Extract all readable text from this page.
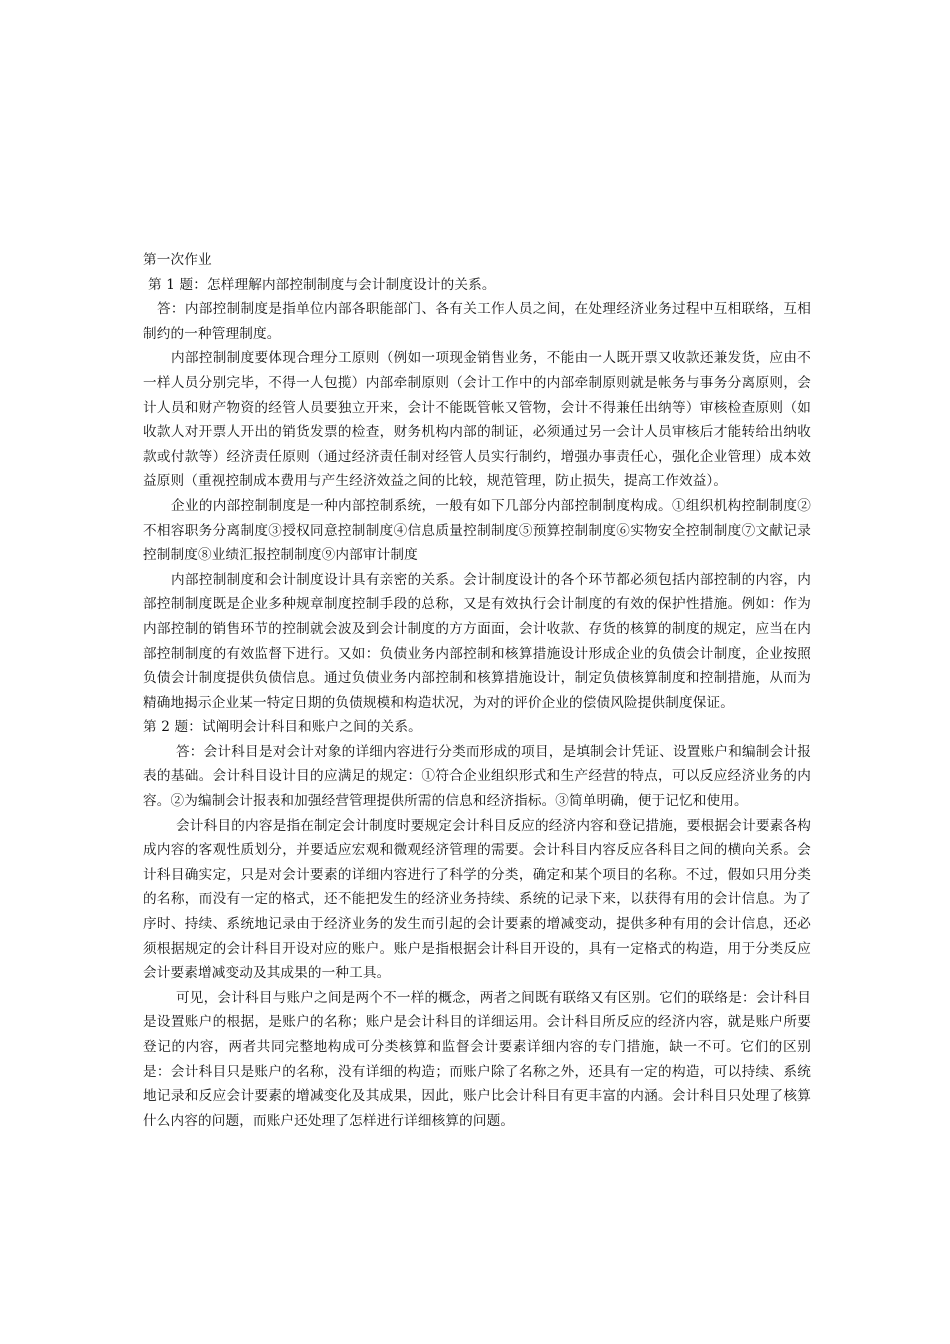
第一次作业

第 1 题：怎样理解内部控制制度与会计制度设计的关系。

答：内部控制制度是指单位内部各职能部门、各有关工作人员之间，在处理经济业务过程中互相联络，互相制约的一种管理制度。

内部控制制度要体现合理分工原则（例如一项现金销售业务，不能由一人既开票又收款还兼发货，应由不一样人员分别完毕，不得一人包揽）内部牵制原则（会计工作中的内部牵制原则就是帐务与事务分离原则，会计人员和财产物资的经管人员要独立开来，会计不能既管帐又管物，会计不得兼任出纳等）审核检查原则（如收款人对开票人开出的销货发票的检查，财务机构内部的制证，必须通过另一会计人员审核后才能转给出纳收款或付款等）经济责任原则（通过经济责任制对经管人员实行制约，增强办事责任心，强化企业管理）成本效益原则（重视控制成本费用与产生经济效益之间的比较，规范管理，防止损失，提高工作效益）。

企业的内部控制制度是一种内部控制系统，一般有如下几部分内部控制制度构成。①组织机构控制制度②不相容职务分离制度③授权同意控制制度④信息质量控制制度⑤预算控制制度⑥实物安全控制制度⑦文献记录控制制度⑧业绩汇报控制制度⑨内部审计制度

内部控制制度和会计制度设计具有亲密的关系。会计制度设计的各个环节都必须包括内部控制的内容，内部控制制度既是企业多种规章制度控制手段的总称，又是有效执行会计制度的有效的保护性措施。例如：作为内部控制的销售环节的控制就会波及到会计制度的方方面面，会计收款、存货的核算的制度的规定，应当在内部控制制度的有效监督下进行。又如：负债业务内部控制和核算措施设计形成企业的负债会计制度，企业按照负债会计制度提供负债信息。通过负债业务内部控制和核算措施设计，制定负债核算制度和控制措施，从而为精确地揭示企业某一特定日期的负债规模和构造状况，为对的评价企业的偿债风险提供制度保证。

第 2 题：试阐明会计科目和账户之间的关系。

答：会计科目是对会计对象的详细内容进行分类而形成的项目，是填制会计凭证、设置账户和编制会计报表的基础。会计科目设计目的应满足的规定：①符合企业组织形式和生产经营的特点，可以反应经济业务的内容。②为编制会计报表和加强经营管理提供所需的信息和经济指标。③简单明确，便于记忆和使用。

会计科目的内容是指在制定会计制度时要规定会计科目反应的经济内容和登记措施，要根据会计要素各构成内容的客观性质划分，并要适应宏观和微观经济管理的需要。会计科目内容反应各科目之间的横向关系。会计科目确实定，只是对会计要素的详细内容进行了科学的分类，确定和某个项目的名称。不过，假如只用分类的名称，而没有一定的格式，还不能把发生的经济业务持续、系统的记录下来，以获得有用的会计信息。为了序时、持续、系统地记录由于经济业务的发生而引起的会计要素的增减变动，提供多种有用的会计信息，还必须根据规定的会计科目开设对应的账户。账户是指根据会计科目开设的，具有一定格式的构造，用于分类反应会计要素增减变动及其成果的一种工具。

可见，会计科目与账户之间是两个不一样的概念，两者之间既有联络又有区别。它们的联络是：会计科目是设置账户的根据，是账户的名称；账户是会计科目的详细运用。会计科目所反应的经济内容，就是账户所要登记的内容，两者共同完整地构成可分类核算和监督会计要素详细内容的专门措施，缺一不可。它们的区别是：会计科目只是账户的名称，没有详细的构造；而账户除了名称之外，还具有一定的构造，可以持续、系统地记录和反应会计要素的增减变化及其成果，因此，账户比会计科目有更丰富的内涵。会计科目只处理了核算什么内容的问题，而账户还处理了怎样进行详细核算的问题。
